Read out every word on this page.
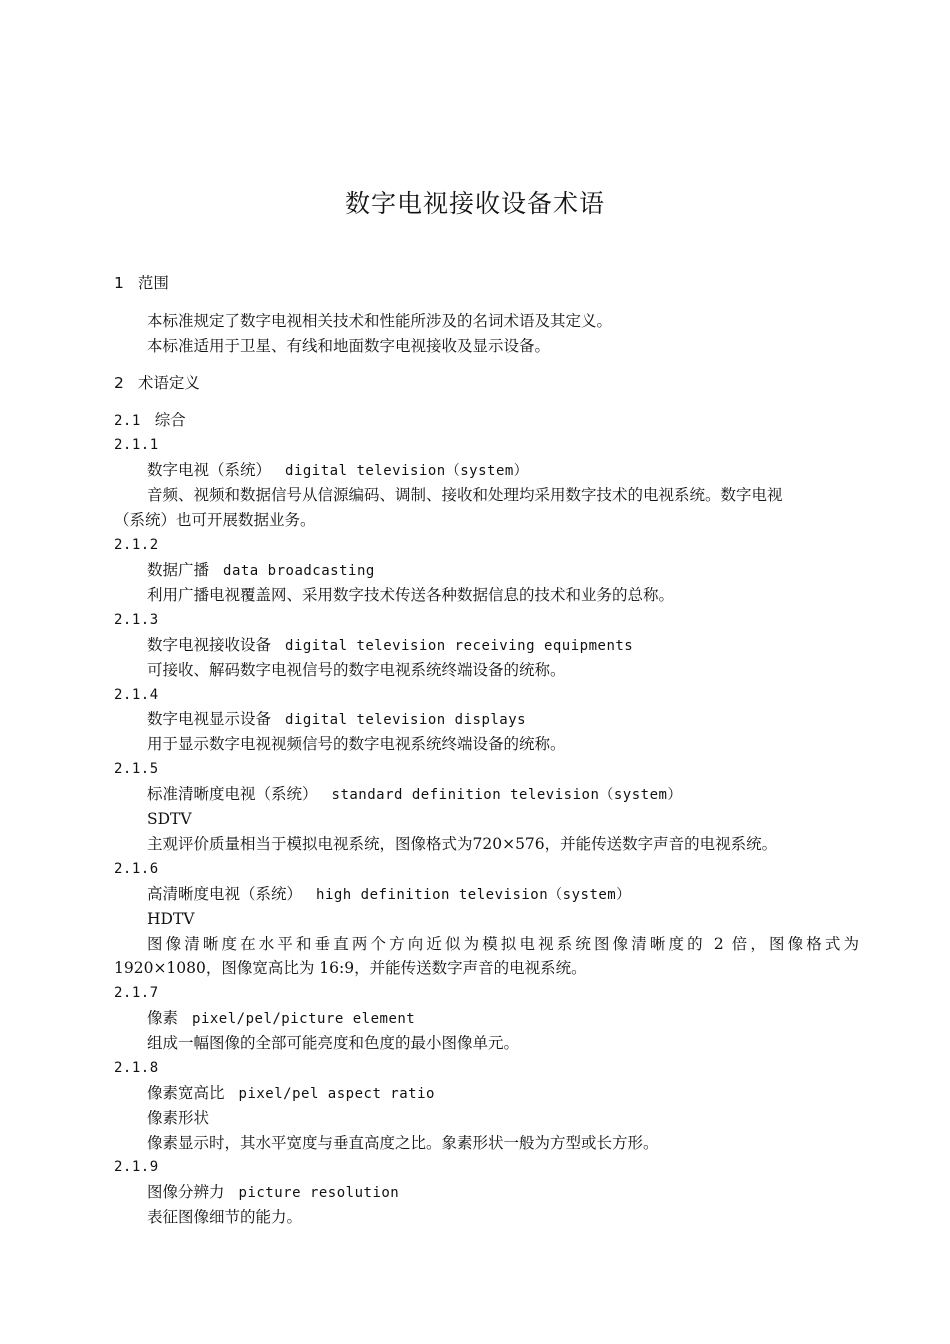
数字电视接收设备术语
1 范围
本标准规定了数字电视相关技术和性能所涉及的名词术语及其定义。
本标准适用于卫星、有线和地面数字电视接收及显示设备。
2 术语定义
2.1 综合
2.1.1
数字电视（系统） digital television（system）
音频、视频和数据信号从信源编码、调制、接收和处理均采用数字技术的电视系统。数字电视
（系统）也可开展数据业务。
2.1.2
数据广播 data broadcasting
利用广播电视覆盖网、采用数字技术传送各种数据信息的技术和业务的总称。
2.1.3
数字电视接收设备 digital television receiving equipments
可接收、解码数字电视信号的数字电视系统终端设备的统称。
2.1.4
数字电视显示设备 digital television displays
用于显示数字电视视频信号的数字电视系统终端设备的统称。
2.1.5
标准清晰度电视（系统） standard definition television（system）
SDTV
主观评价质量相当于模拟电视系统，图像格式为720×576，并能传送数字声音的电视系统。
2.1.6
高清晰度电视（系统） high definition television（system）
HDTV
图像清晰度在水平和垂直两个方向近似为模拟电视系统图像清晰度的 2 倍，图像格式为
1920×1080，图像宽高比为 16:9，并能传送数字声音的电视系统。
2.1.7
像素 pixel/pel/picture element
组成一幅图像的全部可能亮度和色度的最小图像单元。
2.1.8
像素宽高比 pixel/pel aspect ratio
像素形状
像素显示时，其水平宽度与垂直高度之比。象素形状一般为方型或长方形。
2.1.9
图像分辨力 picture resolution
表征图像细节的能力。
